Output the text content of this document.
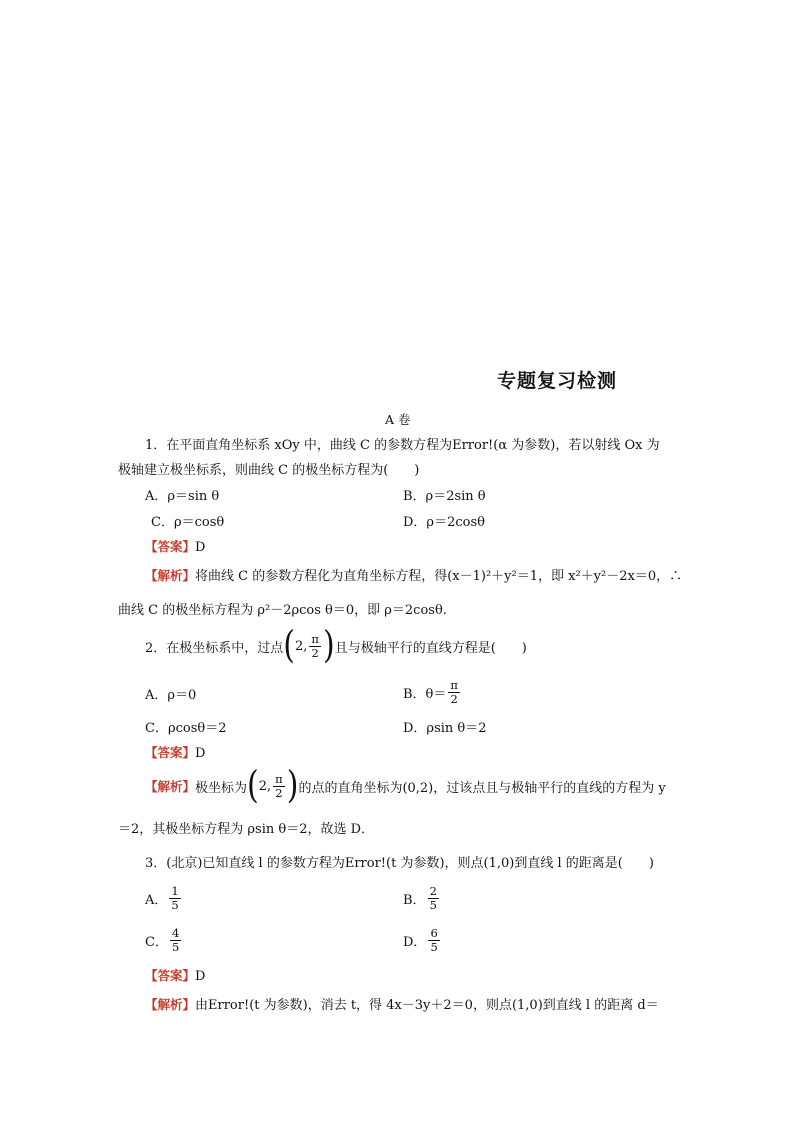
专题复习检测
A 卷
1．在平面直角坐标系 xOy 中，曲线 C 的参数方程为Error!(α 为参数)，若以射线 Ox 为
极轴建立极坐标系，则曲线 C 的极坐标方程为(　　)
A．ρ＝sin θ	B．ρ＝2sin θ
C．ρ＝cosθ	D．ρ＝2cosθ
【答案】D
【解析】将曲线 C 的参数方程化为直角坐标方程，得(x－1)²＋y²＝1，即 x²＋y²－2x＝0，∴
曲线 C 的极坐标方程为 ρ²－2ρcos θ＝0，即 ρ＝2cosθ.
2．在极坐标系中，过点 ( 2, $\frac{\pi}{2}$ ) 且与极轴平行的直线方程是(　　)
A．ρ＝0	B．$\theta= \frac{\pi}{2}$
C．ρcosθ＝2	D．ρsin θ＝2
【答案】D
【解析】 极坐标为 ( 2, $\frac{\pi}{2}$ ) 的点的直角坐标为(0,2)，过该点且与极轴平行的直线的方程为 y
＝2，其极坐标方程为 ρsin θ＝2，故选 D．
3．(北京)已知直线 l 的参数方程为Error!(t 为参数)，则点(1,0)到直线 l 的距离是(　　)
A． $\frac{1}{5}$	B． $\frac{2}{5}$
C． $\frac{4}{5}$	D． $\frac{6}{5}$
【答案】D
【解析】由Error!(t 为参数)，消去 t，得 4x－3y＋2＝0，则点(1,0)到直线 l 的距离 d＝
